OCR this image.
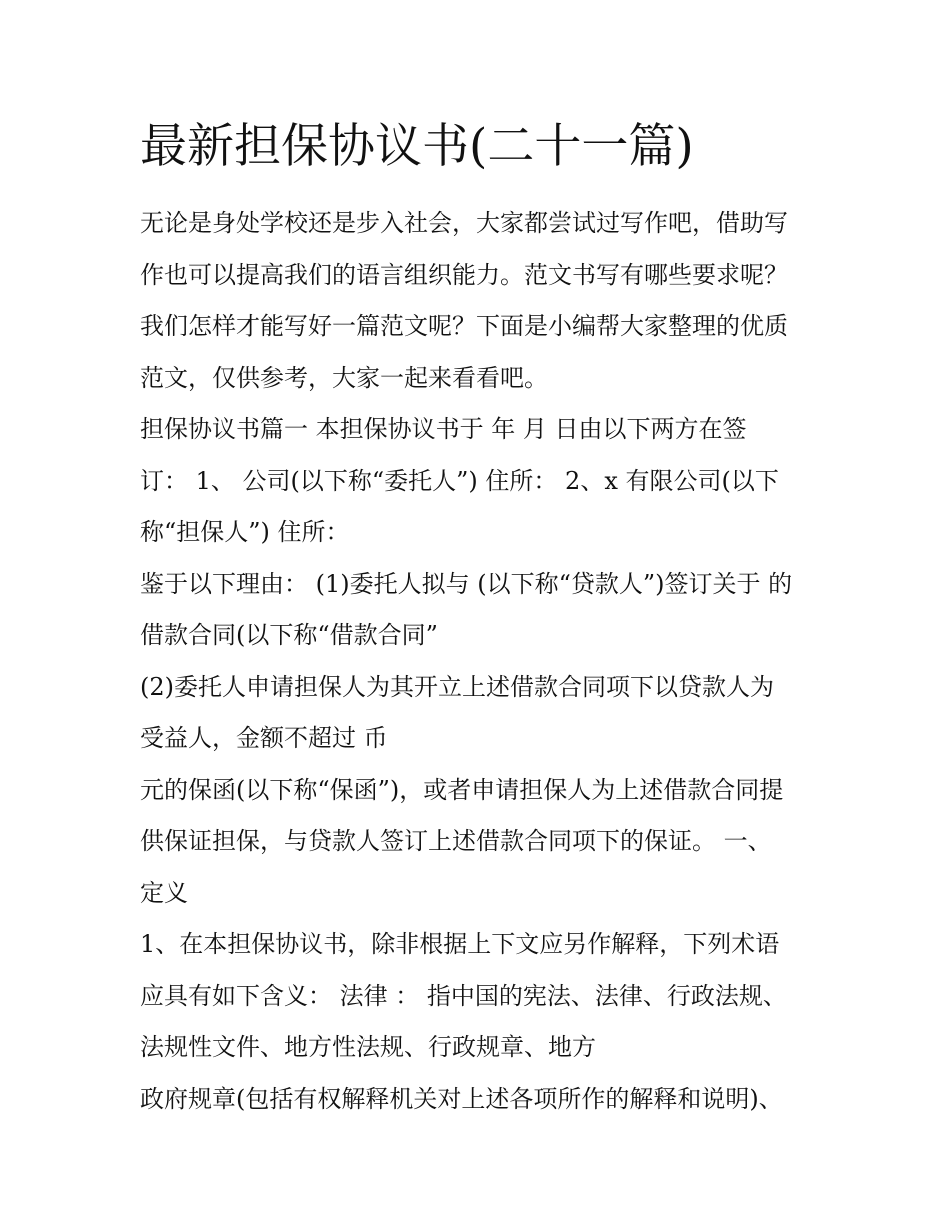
最新担保协议书(二十一篇)
无论是身处学校还是步入社会，大家都尝试过写作吧，借助写
作也可以提高我们的语言组织能力。范文书写有哪些要求呢？
我们怎样才能写好一篇范文呢？下面是小编帮大家整理的优质
范文，仅供参考，大家一起来看看吧。
担保协议书篇一 本担保协议书于 年 月 日由以下两方在签
订： 1、 公司(以下称“委托人”) 住所： 2、x 有限公司(以下
称“担保人”) 住所：
鉴于以下理由： (1)委托人拟与 (以下称“贷款人”)签订关于 的
借款合同(以下称“借款合同”
(2)委托人申请担保人为其开立上述借款合同项下以贷款人为
受益人，金额不超过 币
元的保函(以下称“保函”)，或者申请担保人为上述借款合同提
供保证担保，与贷款人签订上述借款合同项下的保证。 一、
定义
1、在本担保协议书，除非根据上下文应另作解释，下列术语
应具有如下含义： 法律 ： 指中国的宪法、法律、行政法规、
法规性文件、地方性法规、行政规章、地方
政府规章(包括有权解释机关对上述各项所作的解释和说明)、
